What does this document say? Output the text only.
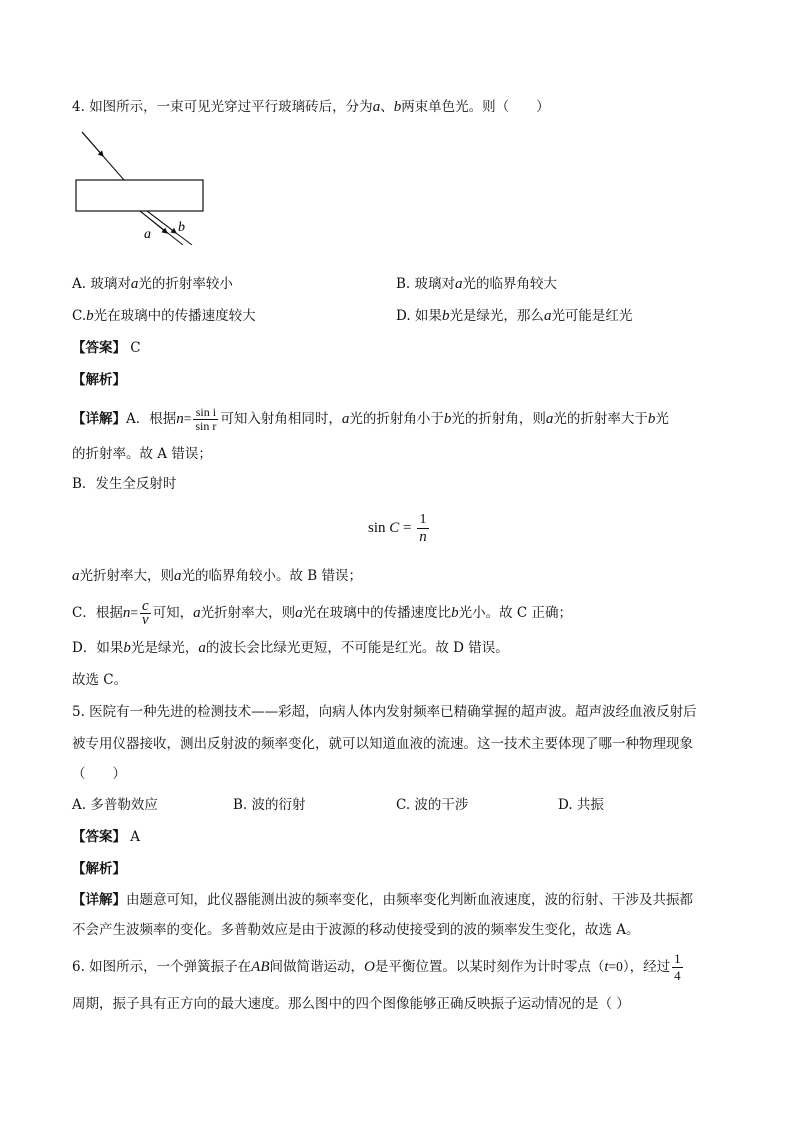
4. 如图所示，一束可见光穿过平行玻璃砖后，分为a、b两束单色光。则（　　）
a b
A. 玻璃对a光的折射率较小	B. 玻璃对a光的临界角较大
C.b光在玻璃中的传播速度较大	D. 如果b光是绿光，那么a光可能是红光
【答案】 C
【解析】
【详解】A．根据$n= \frac{\text{sin i}}{\text{sin r}}$ 可知入射角相同时，a光的折射角小于b光的折射角，则a光的折射率大于b光
的折射率。故 A 错误；
B．发生全反射时
$\sin C = \frac{1}{n}$
a光折射率大，则a光的临界角较小。故 B 错误；
C．根据$n= \frac{c}{v}$ 可知，a光折射率大，则a光在玻璃中的传播速度比b光小。故 C 正确；
D．如果b光是绿光，a的波长会比绿光更短，不可能是红光。故 D 错误。
故选 C。
5. 医院有一种先进的检测技术——彩超，向病人体内发射频率已精确掌握的超声波。超声波经血液反射后
被专用仪器接收，测出反射波的频率变化，就可以知道血液的流速。这一技术主要体现了哪一种物理现象
（　　）
A. 多普勒效应	B. 波的衍射	C. 波的干涉	D. 共振
【答案】 A
【解析】
【详解】由题意可知，此仪器能测出波的频率变化，由频率变化判断血液速度，波的衍射、干涉及共振都
不会产生波频率的变化。多普勒效应是由于波源的移动使接受到的波的频率发生变化，故选 A。
6. 如图所示，一个弹簧振子在AB间做简谐运动，O是平衡位置。以某时刻作为计时零点（t=0），经过 $\frac{1}{4}$
周期，振子具有正方向的最大速度。那么图中的四个图像能够正确反映振子运动情况的是（ ）
